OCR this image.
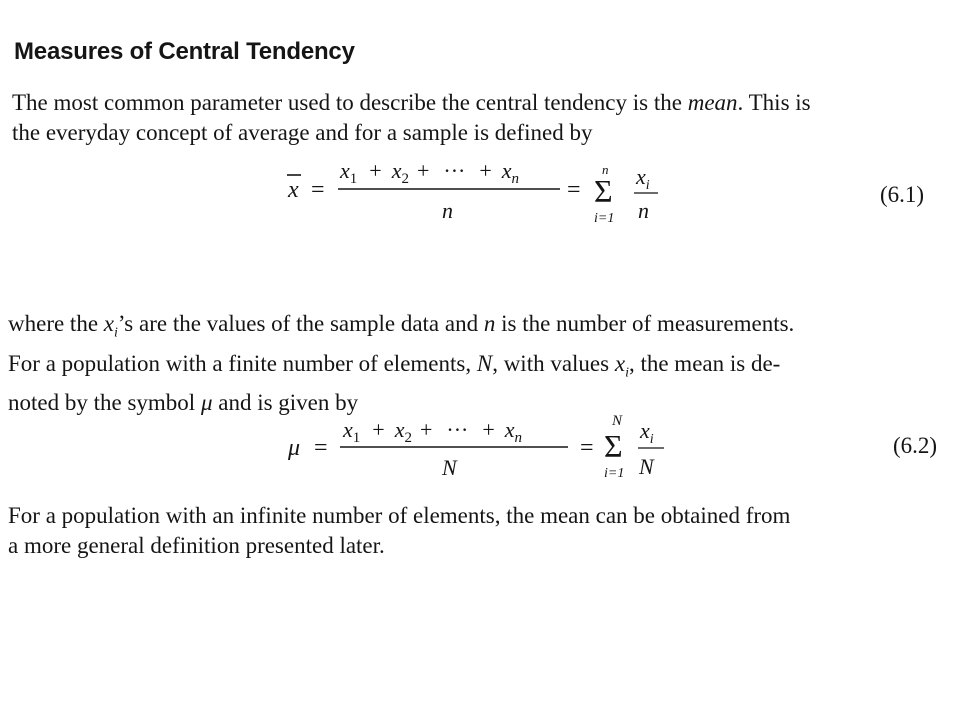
Measures of Central Tendency
The most common parameter used to describe the central tendency is the mean. This is
the everyday concept of average and for a sample is defined by
x =
$x_1 + x_2$ + ··· + $x_n$
n
=
n
Σ
i=1
$x_i$
n
(6.1)
where the $x_i’s$ are the values of the sample data and n is the number of measurements.
For a population with a finite number of elements, N, with values $x_i$, the mean is de-
noted by the symbol μ and is given by
μ =
$x_1 + x_2$ + ··· + $x_n$
N
=
N
Σ
i=1
$x_i$
N
(6.2)
For a population with an infinite number of elements, the mean can be obtained from
a more general definition presented later.
